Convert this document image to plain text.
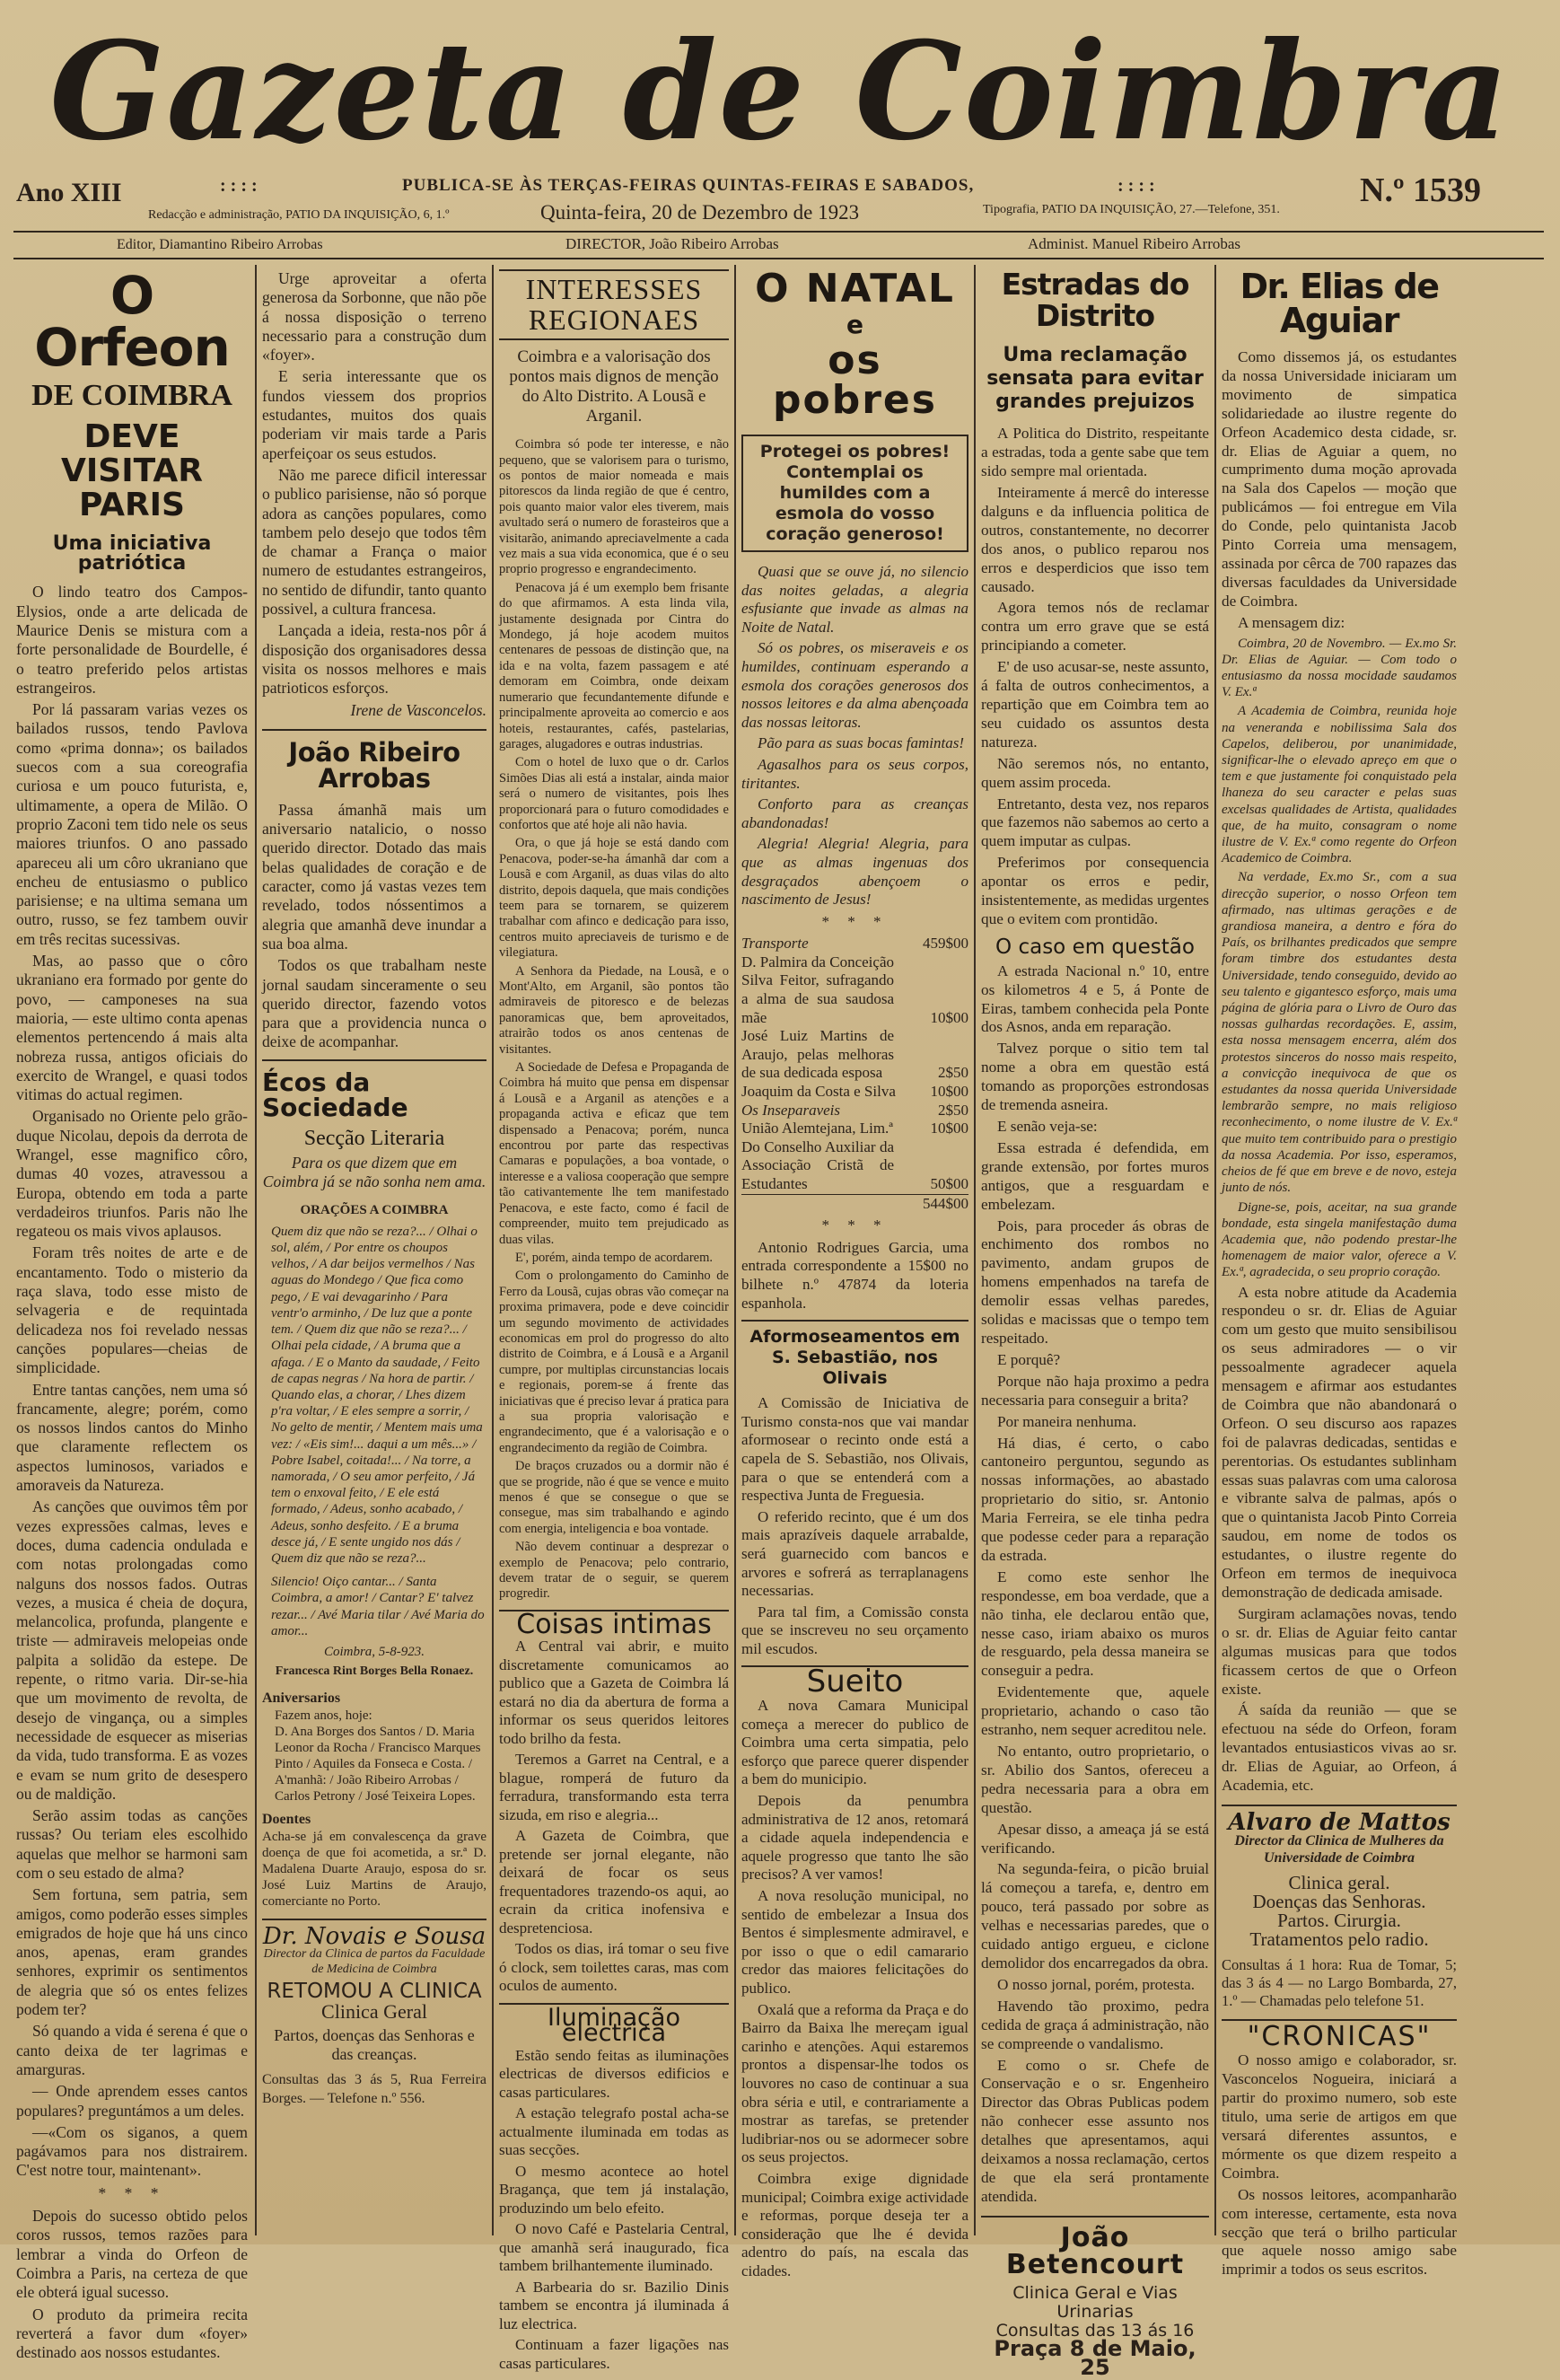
Gazeta de Coimbra
Ano XIII	: : : :	PUBLICA-SE ÀS TERÇAS-FEIRAS QUINTAS-FEIRAS E SABADOS,	: : : :	N.º 1539
Redacção e administração, PATIO DA INQUISIÇÃO, 6, 1.º	Quinta-feira, 20 de Dezembro de 1923	Tipografia, PATIO DA INQUISIÇÃO, 27.—Telefone, 351.
Editor, Diamantino Ribeiro Arrobas	DIRECTOR, João Ribeiro Arrobas	Administ. Manuel Ribeiro Arrobas
O Orfeon
DE COIMBRA
DEVE VISITAR PARIS
Uma iniciativa patriótica

O lindo teatro dos Campos-Elysios, onde a arte delicada de Maurice Denis se mistura com a forte personalidade de Bourdelle, é o teatro preferido pelos artistas estrangeiros.

Por lá passaram varias vezes os bailados russos, tendo Pavlova como «prima donna»; os bailados suecos com a sua coreografia curiosa e um pouco futurista, e, ultimamente, a opera de Milão. O proprio Zaconi tem tido nele os seus maiores triunfos. O ano passado apareceu ali um côro ukraniano que encheu de entusiasmo o publico parisiense; e na ultima semana um outro, russo, se fez tambem ouvir em três recitas sucessivas.

Mas, ao passo que o côro ukraniano era formado por gente do povo, — camponeses na sua maioria, — este ultimo conta apenas elementos pertencendo á mais alta nobreza russa, antigos oficiais do exercito de Wrangel, e quasi todos vitimas do actual regimen.

Organisado no Oriente pelo grão-duque Nicolau, depois da derrota de Wrangel, esse magnifico côro, dumas 40 vozes, atravessou a Europa, obtendo em toda a parte verdadeiros triunfos. Paris não lhe regateou os mais vivos aplausos.

Foram três noites de arte e de encantamento. Todo o misterio da raça slava, todo esse misto de selvageria e de requintada delicadeza nos foi revelado nessas canções populares—cheias de simplicidade.

Entre tantas canções, nem uma só francamente, alegre; porém, como os nossos lindos cantos do Minho que claramente reflectem os aspectos luminosos, variados e amoraveis da Natureza.

As canções que ouvimos têm por vezes expressões calmas, leves e doces, duma cadencia ondulada e com notas prolongadas como nalguns dos nossos fados. Outras vezes, a musica é cheia de doçura, melancolica, profunda, plangente e triste — admiraveis melopeias onde palpita a solidão da estepe. De repente, o ritmo varia. Dir-se-hia que um movimento de revolta, de desejo de vingança, ou a simples necessidade de esquecer as miserias da vida, tudo transforma. E as vozes e evam se num grito de desespero ou de maldição.

Serão assim todas as canções russas? Ou teriam eles escolhido aquelas que melhor se harmoni sam com o seu estado de alma?

Sem fortuna, sem patria, sem amigos, como poderão esses simples emigrados de hoje que há uns cinco anos, apenas, eram grandes senhores, exprimir os sentimentos de alegria que só os entes felizes podem ter?

Só quando a vida é serena é que o canto deixa de ter lagrimas e amarguras.

— Onde aprendem esses cantos populares? preguntámos a um deles.

—«Com os siganos, a quem pagávamos para nos distrairem. C'est notre tour, maintenant».

* * *

Depois do sucesso obtido pelos coros russos, temos razões para lembrar a vinda do Orfeon de Coimbra a Paris, na certeza de que ele obterá igual sucesso.

O produto da primeira recita reverterá a favor dum «foyer» destinado aos nossos estudantes.

Urge aproveitar a oferta generosa da Sorbonne, que não põe á nossa disposição o terreno necessario para a construção dum «foyer».

E seria interessante que os fundos viessem dos proprios estudantes, muitos dos quais poderiam vir mais tarde a Paris aperfeiçoar os seus estudos.

Não me parece dificil interessar o publico parisiense, não só porque adora as canções populares, como tambem pelo desejo que todos têm de chamar a França o maior numero de estudantes estrangeiros, no sentido de difundir, tanto quanto possivel, a cultura francesa.

Lançada a ideia, resta-nos pôr á disposição dos organisadores dessa visita os nossos melhores e mais patrioticos esforços.

Irene de Vasconcelos.
João Ribeiro Arrobas

Passa ámanhã mais um aniversario natalicio, o nosso querido director. Dotado das mais belas qualidades de coração e de caracter, como já vastas vezes tem revelado, todos nóssentimos a alegria que amanhã deve inundar a sua boa alma.

Todos os que trabalham neste jornal saudam sinceramente o seu querido director, fazendo votos para que a providencia nunca o deixe de acompanhar.

Écos da Sociedade
Secção Literaria
Para os que dizem que em Coimbra já se não sonha nem ama.
ORAÇÕES A COIMBRA
Quem diz que não se reza?... / Olhai o sol, além, / Por entre os choupos velhos, / A dar beijos vermelhos / Nas aguas do Mondego / Que fica como pego, / E vai devagarinho / Para ventr'o arminho, / De luz que a ponte tem. / Quem diz que não se reza?... / Olhai pela cidade, / A bruma que a afaga. / E o Manto da saudade, / Feito de capas negras / Na hora de partir. / Quando elas, a chorar, / Lhes dizem p'ra voltar, / E eles sempre a sorrir, / No gelto de mentir, / Mentem mais uma vez: / «Eis sim!... daqui a um mês...» / Pobre Isabel, coitada!... / Na torre, a namorada, / O seu amor perfeito, / Já tem o enxoval feito, / E ele está formado, / Adeus, sonho acabado, / Adeus, sonho desfeito. / E a bruma desce já, / E sente ungido nos dás / Quem diz que não se reza?...
Silencio! Oiço cantar... / Santa Coimbra, a amor! / Cantar? E' talvez rezar... / Avé Maria tilar / Avé Maria do amor...
Coimbra, 5-8-923.
Francesca Rint Borges Bella Ronaez.
Aniversarios
Fazem anos, hoje:
D. Ana Borges dos Santos / D. Maria Leonor da Rocha / Francisco Marques Pinto / Aquiles da Fonseca e Costa. / A'manhã: / João Ribeiro Arrobas / Carlos Petrony / José Teixeira Lopes.
Doentes
Acha-se já em convalescença da grave doença de que foi acometida, a sr.ª D. Madalena Duarte Araujo, esposa do sr. José Luiz Martins de Araujo, comerciante no Porto.
Dr. Novais e Sousa
Director da Clinica de partos da Faculdade de Medicina de Coimbra
RETOMOU A CLINICA
Clinica Geral
Partos, doenças das Senhoras e das creanças.
Consultas das 3 ás 5, Rua Ferreira Borges. — Telefone n.º 556.
INTERESSES REGIONAES
Coimbra e a valorisação dos pontos mais dignos de menção do Alto Distrito. A Lousã e Arganil.

Coimbra só pode ter interesse, e não pequeno, que se valorisem para o turismo, os pontos de maior nomeada e mais pitorescos da linda região de que é centro, pois quanto maior valor eles tiverem, mais avultado será o numero de forasteiros que a visitarão, animando apreciavelmente a cada vez mais a sua vida economica, que é o seu proprio progresso e engrandecimento.

Penacova já é um exemplo bem frisante do que afirmamos. A esta linda vila, justamente designada por Cintra do Mondego, já hoje acodem muitos centenares de pessoas de distinção que, na ida e na volta, fazem passagem e até demoram em Coimbra, onde deixam numerario que fecundantemente difunde e principalmente aproveita ao comercio e aos hoteis, restaurantes, cafés, pastelarias, garages, alugadores e outras industrias.

Com o hotel de luxo que o dr. Carlos Simões Dias ali está a instalar, ainda maior será o numero de visitantes, pois lhes proporcionará para o futuro comodidades e confortos que até hoje ali não havia.

Ora, o que já hoje se está dando com Penacova, poder-se-ha ámanhã dar com a Lousã e com Arganil, as duas vilas do alto distrito, depois daquela, que mais condições teem para se tornarem, se quizerem trabalhar com afinco e dedicação para isso, centros muito apreciaveis de turismo e de vilegiatura.

A Senhora da Piedade, na Lousã, e o Mont'Alto, em Arganil, são pontos tão admiraveis de pitoresco e de belezas panoramicas que, bem aproveitados, atrairão todos os anos centenas de visitantes.

A Sociedade de Defesa e Propaganda de Coimbra há muito que pensa em dispensar á Lousã e a Arganil as atenções e a propaganda activa e eficaz que tem dispensado a Penacova; porém, nunca encontrou por parte das respectivas Camaras e populações, a boa vontade, o interesse e a valiosa cooperação que sempre tão cativantemente lhe tem manifestado Penacova, e este facto, como é facil de compreender, muito tem prejudicado as duas vilas.

E', porém, ainda tempo de acordarem.

Com o prolongamento do Caminho de Ferro da Lousã, cujas obras vão começar na proxima primavera, pode e deve coincidir um segundo movimento de actividades economicas em prol do progresso do alto distrito de Coimbra, e á Lousã e a Arganil cumpre, por multiplas circunstancias locais e regionais, porem-se á frente das iniciativas que é preciso levar á pratica para a sua propria valorisação e engrandecimento, que é a valorisação e o engrandecimento da região de Coimbra.

De braços cruzados ou a dormir não é que se progride, não é que se vence e muito menos é que se consegue o que se consegue, mas sim trabalhando e agindo com energia, inteligencia e boa vontade.

Não devem continuar a desprezar o exemplo de Penacova; pelo contrario, devem tratar de o seguir, se querem progredir.

Coisas intimas

A Central vai abrir, e muito discretamente comunicamos ao publico que a Gazeta de Coimbra lá estará no dia da abertura de forma a informar os seus queridos leitores todo brilho da festa.

Teremos a Garret na Central, e a blague, romperá de futuro da ferradura, transformando esta terra sizuda, em riso e alegria...

A Gazeta de Coimbra, que pretende ser jornal elegante, não deixará de focar os seus frequentadores trazendo-os aqui, ao ecrain da critica inofensiva e despretenciosa.

Todos os dias, irá tomar o seu five ó clock, sem toilettes caras, mas com oculos de aumento.

Iluminação electrica

Estão sendo feitas as iluminações electricas de diversos edificios e casas particulares.

A estação telegrafo postal acha-se actualmente iluminada em todas as suas secções.

O mesmo acontece ao hotel Bragança, que tem já instalação, produzindo um belo efeito.

O novo Café e Pastelaria Central, que amanhã será inaugurado, fica tambem brilhantemente iluminado.

A Barbearia do sr. Bazilio Dinis tambem se encontra já iluminada á luz electrica.

Continuam a fazer ligações nas casas particulares.

O NATAL
e
os pobres
Protegei os pobres! Contemplai os humildes com a esmola do vosso coração generoso!

Quasi que se ouve já, no silencio das noites geladas, a alegria esfusiante que invade as almas na Noite de Natal.

Só os pobres, os miseraveis e os humildes, continuam esperando a esmola dos corações generosos dos nossos leitores e da alma abençoada das nossas leitoras.

Pão para as suas bocas famintas!

Agasalhos para os seus corpos, tiritantes.

Conforto para as creanças abandonadas!

Alegria! Alegria! Alegria, para que as almas ingenuas dos desgraçados abençoem o nascimento de Jesus!

* * *
Transporte	459$00
D. Palmira da Conceição Silva Feitor, sufragando a alma de sua saudosa mãe	10$00
José Luiz Martins de Araujo, pelas melhoras de sua dedicada esposa	2$50
Joaquim da Costa e Silva 10$00
Os Inseparaveis	2$50
União Alemtejana, Lim.ª 10$00
Do Conselho Auxiliar da Associação Cristã de Estudantes	50$00
544$00
* * *

Antonio Rodrigues Garcia, uma entrada correspondente a 15$00 no bilhete n.º 47874 da loteria espanhola.

Aformoseamentos em S. Sebastião, nos Olivais

A Comissão de Iniciativa de Turismo consta-nos que vai mandar aformosear o recinto onde está a capela de S. Sebastião, nos Olivais, para o que se entenderá com a respectiva Junta de Freguesia.

O referido recinto, que é um dos mais aprazíveis daquele arrabalde, será guarnecido com bancos e arvores e sofrerá as terraplanagens necessarias.

Para tal fim, a Comissão consta que se inscreveu no seu orçamento mil escudos.

Sueito

A nova Camara Municipal começa a merecer do publico de Coimbra uma certa simpatia, pelo esforço que parece querer dispender a bem do municipio.

Depois da penumbra administrativa de 12 anos, retomará a cidade aquela independencia e aquele progresso que tanto lhe são precisos? A ver vamos!

A nova resolução municipal, no sentido de embelezar a Insua dos Bentos é simplesmente admiravel, e por isso o que o edil camarario credor das maiores felicitações do publico.

Oxalá que a reforma da Praça e do Bairro da Baixa lhe mereçam igual carinho e atenções. Aqui estaremos prontos a dispensar-lhe todos os louvores no caso de continuar a sua obra séria e util, e contrariamente a mostrar as tarefas, se pretender ludibriar-nos ou se adormecer sobre os seus projectos.

Coimbra exige dignidade municipal; Coimbra exige actividade e reformas, porque deseja ter a consideração que lhe é devida adentro do país, na escala das cidades.

Estradas do Distrito
Uma reclamação sensata para evitar grandes prejuizos

A Politica do Distrito, respeitante a estradas, toda a gente sabe que tem sido sempre mal orientada.

Inteiramente á mercê do interesse dalguns e da influencia politica de outros, constantemente, no decorrer dos anos, o publico reparou nos erros e desperdicios que isso tem causado.

Agora temos nós de reclamar contra um erro grave que se está principiando a cometer.

E' de uso acusar-se, neste assunto, á falta de outros conhecimentos, a repartição que em Coimbra tem ao seu cuidado os assuntos desta natureza.

Não seremos nós, no entanto, quem assim proceda.

Entretanto, desta vez, nos reparos que fazemos não sabemos ao certo a quem imputar as culpas.

Preferimos por consequencia apontar os erros e pedir, insistentemente, as medidas urgentes que o evitem com prontidão.

O caso em questão

A estrada Nacional n.º 10, entre os kilometros 4 e 5, á Ponte de Eiras, tambem conhecida pela Ponte dos Asnos, anda em reparação.

Talvez porque o sitio tem tal nome a obra em questão está tomando as proporções estrondosas de tremenda asneira.

E senão veja-se:

Essa estrada é defendida, em grande extensão, por fortes muros antigos, que a resguardam e embelezam.

Pois, para proceder ás obras de enchimento dos rombos no pavimento, andam grupos de homens empenhados na tarefa de demolir essas velhas paredes, solidas e macissas que o tempo tem respeitado.

E porquê?

Porque não haja proximo a pedra necessaria para conseguir a brita?

Por maneira nenhuma.

Há dias, é certo, o cabo cantoneiro perguntou, segundo as nossas informações, ao abastado proprietario do sitio, sr. Antonio Maria Ferreira, se ele tinha pedra que podesse ceder para a reparação da estrada.

E como este senhor lhe respondesse, em boa verdade, que a não tinha, ele declarou então que, nesse caso, iriam abaixo os muros de resguardo, pela dessa maneira se conseguir a pedra.

Evidentemente que, aquele proprietario, achando o caso tão estranho, nem sequer acreditou nele.

No entanto, outro proprietario, o sr. Abilio dos Santos, ofereceu a pedra necessaria para a obra em questão.

Apesar disso, a ameaça já se está verificando.

Na segunda-feira, o picão bruial lá começou a tarefa, e, dentro em pouco, terá passado por sobre as velhas e necessarias paredes, que o cuidado antigo ergueu, e ciclone demolidor dos encarregados da obra.

O nosso jornal, porém, protesta.

Havendo tão proximo, pedra cedida de graça á administração, não se compreende o vandalismo.

E como o sr. Chefe de Conservação e o sr. Engenheiro Director das Obras Publicas podem não conhecer esse assunto nos detalhes que apresentamos, aqui deixamos a nossa reclamação, certos de que ela será prontamente atendida.

João Betencourt
Clinica Geral e Vias Urinarias
Consultas das 13 ás 16
Praça 8 de Maio, 25
Dr. Elias de Aguiar

Como dissemos já, os estudantes da nossa Universidade iniciaram um movimento de simpatica solidariedade ao ilustre regente do Orfeon Academico desta cidade, sr. dr. Elias de Aguiar a quem, no cumprimento duma moção aprovada na Sala dos Capelos — moção que publicámos — foi entregue em Vila do Conde, pelo quintanista Jacob Pinto Correia uma mensagem, assinada por cêrca de 700 rapazes das diversas faculdades da Universidade de Coimbra.

A mensagem diz:

Coimbra, 20 de Novembro. — Ex.mo Sr. Dr. Elias de Aguiar. — Com todo o entusiasmo da nossa mocidade saudamos V. Ex.ª

A Academia de Coimbra, reunida hoje na veneranda e nobilissima Sala dos Capelos, deliberou, por unanimidade, significar-lhe o elevado apreço em que o tem e que justamente foi conquistado pela lhaneza do seu caracter e pelas suas excelsas qualidades de Artista, qualidades que, de ha muito, consagram o nome ilustre de V. Ex.ª como regente do Orfeon Academico de Coimbra.

Na verdade, Ex.mo Sr., com a sua direcção superior, o nosso Orfeon tem afirmado, nas ultimas gerações e de grandiosa maneira, a dentro e fóra do País, os brilhantes predicados que sempre foram timbre dos estudantes desta Universidade, tendo conseguido, devido ao seu talento e gigantesco esforço, mais uma página de glória para o Livro de Ouro das nossas gulhardas recordações. E, assim, esta nossa mensagem encerra, além dos protestos sinceros do nosso mais respeito, a convicção inequivoca de que os estudantes da nossa querida Universidade lembrarão sempre, no mais religioso reconhecimento, o nome ilustre de V. Ex.ª que muito tem contribuido para o prestigio da nossa Academia. Por isso, esperamos, cheios de fé que em breve e de novo, esteja junto de nós.

Digne-se, pois, aceitar, na sua grande bondade, esta singela manifestação duma Academia que, não podendo prestar-lhe homenagem de maior valor, oferece a V. Ex.ª, agradecida, o seu proprio coração.

A esta nobre atitude da Academia respondeu o sr. dr. Elias de Aguiar com um gesto que muito sensibilisou os seus admiradores — o vir pessoalmente agradecer aquela mensagem e afirmar aos estudantes de Coimbra que não abandonará o Orfeon. O seu discurso aos rapazes foi de palavras dedicadas, sentidas e perentorias. Os estudantes sublinham essas suas palavras com uma calorosa e vibrante salva de palmas, após o que o quintanista Jacob Pinto Correia saudou, em nome de todos os estudantes, o ilustre regente do Orfeon em termos de inequivoca demonstração de dedicada amisade.

Surgiram aclamações novas, tendo o sr. dr. Elias de Aguiar feito cantar algumas musicas para que todos ficassem certos de que o Orfeon existe.

Á saída da reunião — que se efectuou na séde do Orfeon, foram levantados entusiasticos vivas ao sr. dr. Elias de Aguiar, ao Orfeon, á Academia, etc.

Alvaro de Mattos
Director da Clinica de Mulheres da Universidade de Coimbra
Clinica geral.
Doenças das Senhoras.
Partos. Cirurgia.
Tratamentos pelo radio.
Consultas á 1 hora: Rua de Tomar, 5; das 3 ás 4 — no Largo Bombarda, 27, 1.º — Chamadas pelo telefone 51.
"CRONICAS"

O nosso amigo e colaborador, sr. Vasconcelos Nogueira, iniciará a partir do proximo numero, sob este titulo, uma serie de artigos em que versará diferentes assuntos, e mórmente os que dizem respeito a Coimbra.

Os nossos leitores, acompanharão com interesse, certamente, esta nova secção que terá o brilho particular que aquele nosso amigo sabe imprimir a todos os seus escritos.
